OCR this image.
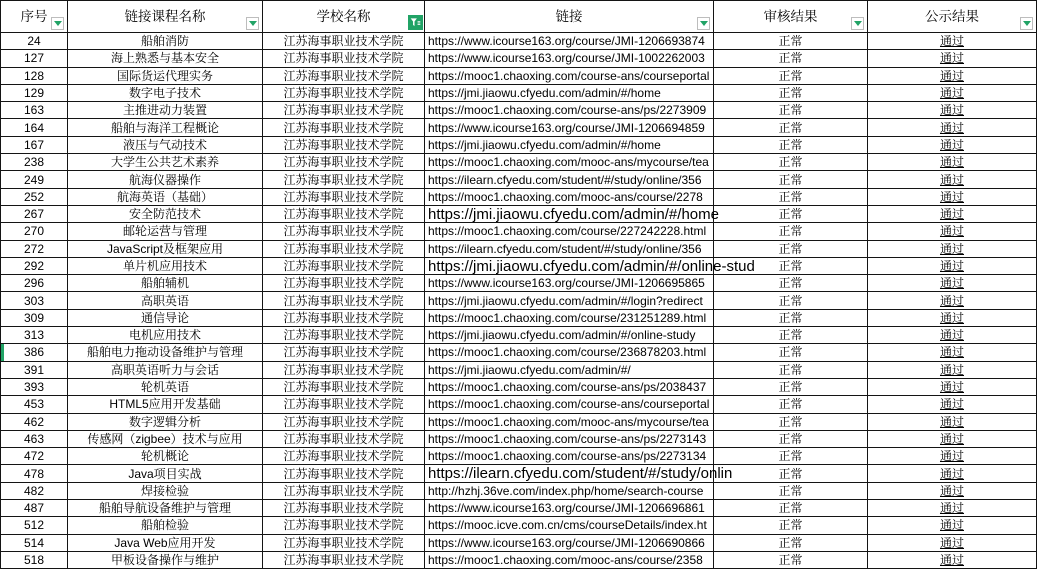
序号	链接课程名称	学校名称	链接	审核结果	公示结果

24	船舶消防	江苏海事职业技术学院	https://www.icourse163.org/course/JMI-1206693874	正常	通过
127	海上熟悉与基本安全	江苏海事职业技术学院	https://www.icourse163.org/course/JMI-1002262003	正常	通过
128	国际货运代理实务	江苏海事职业技术学院	https://mooc1.chaoxing.com/course-ans/courseportal	正常	通过
129	数字电子技术	江苏海事职业技术学院	https://jmi.jiaowu.cfyedu.com/admin/#/home	正常	通过
163	主推进动力装置	江苏海事职业技术学院	https://mooc1.chaoxing.com/course-ans/ps/2273909	正常	通过
164	船舶与海洋工程概论	江苏海事职业技术学院	https://www.icourse163.org/course/JMI-1206694859	正常	通过
167	液压与气动技术	江苏海事职业技术学院	https://jmi.jiaowu.cfyedu.com/admin/#/home	正常	通过
238	大学生公共艺术素养	江苏海事职业技术学院	https://mooc1.chaoxing.com/mooc-ans/mycourse/tea	正常	通过
249	航海仪器操作	江苏海事职业技术学院	https://ilearn.cfyedu.com/student/#/study/online/356	正常	通过
252	航海英语（基础）	江苏海事职业技术学院	https://mooc1.chaoxing.com/mooc-ans/course/2278	正常	通过
267	安全防范技术	江苏海事职业技术学院	https://jmi.jiaowu.cfyedu.com/admin/#/home	正常	通过
270	邮轮运营与管理	江苏海事职业技术学院	https://mooc1.chaoxing.com/course/227242228.html	正常	通过
272	JavaScript及框架应用	江苏海事职业技术学院	https://ilearn.cfyedu.com/student/#/study/online/356	正常	通过
292	单片机应用技术	江苏海事职业技术学院	https://jmi.jiaowu.cfyedu.com/admin/#/online-stud	正常	通过
296	船舶辅机	江苏海事职业技术学院	https://www.icourse163.org/course/JMI-1206695865	正常	通过
303	高职英语	江苏海事职业技术学院	https://jmi.jiaowu.cfyedu.com/admin/#/login?redirect	正常	通过
309	通信导论	江苏海事职业技术学院	https://mooc1.chaoxing.com/course/231251289.html	正常	通过
313	电机应用技术	江苏海事职业技术学院	https://jmi.jiaowu.cfyedu.com/admin/#/online-study	正常	通过
386	船舶电力拖动设备维护与管理	江苏海事职业技术学院	https://mooc1.chaoxing.com/course/236878203.html	正常	通过
391	高职英语听力与会话	江苏海事职业技术学院	https://jmi.jiaowu.cfyedu.com/admin/#/	正常	通过
393	轮机英语	江苏海事职业技术学院	https://mooc1.chaoxing.com/course-ans/ps/2038437	正常	通过
453	HTML5应用开发基础	江苏海事职业技术学院	https://mooc1.chaoxing.com/course-ans/courseportal	正常	通过
462	数字逻辑分析	江苏海事职业技术学院	https://mooc1.chaoxing.com/mooc-ans/mycourse/tea	正常	通过
463	传感网（zigbee）技术与应用	江苏海事职业技术学院	https://mooc1.chaoxing.com/course-ans/ps/2273143	正常	通过
472	轮机概论	江苏海事职业技术学院	https://mooc1.chaoxing.com/course-ans/ps/2273134	正常	通过
478	Java项目实战	江苏海事职业技术学院	https://ilearn.cfyedu.com/student/#/study/onlin	正常	通过
482	焊接检验	江苏海事职业技术学院	http://hzhj.36ve.com/index.php/home/search-course	正常	通过
487	船舶导航设备维护与管理	江苏海事职业技术学院	https://www.icourse163.org/course/JMI-1206696861	正常	通过
512	船舶检验	江苏海事职业技术学院	https://mooc.icve.com.cn/cms/courseDetails/index.ht	正常	通过
514	Java Web应用开发	江苏海事职业技术学院	https://www.icourse163.org/course/JMI-1206690866	正常	通过
518	甲板设备操作与维护	江苏海事职业技术学院	https://mooc1.chaoxing.com/mooc-ans/course/2358	正常	通过
